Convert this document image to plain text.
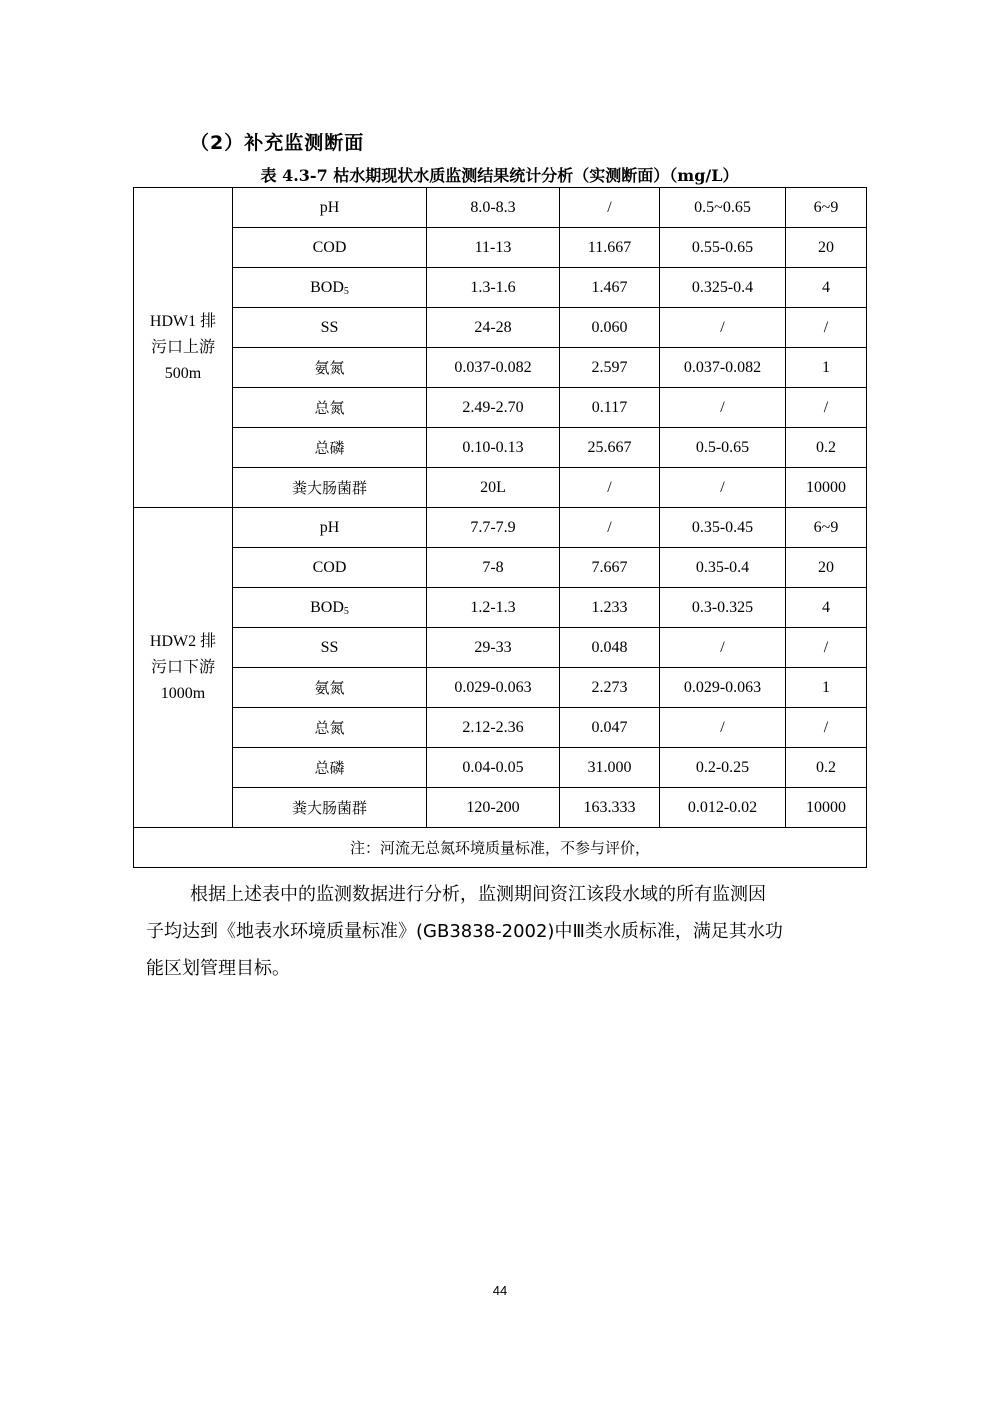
（2）补充监测断面
表 4.3-7 枯水期现状水质监测结果统计分析（实测断面）（mg/L）
HDW1 排
污口上游
500m	pH	8.0-8.3	/	0.5~0.65	6~9
	COD	11-13	11.667	0.55-0.65	20
	$BOD_5$	1.3-1.6	1.467	0.325-0.4	4
	SS	24-28	0.060	/	/
	氨氮	0.037-0.082	2.597	0.037-0.082	1
	总氮	2.49-2.70	0.117	/	/
	总磷	0.10-0.13	25.667	0.5-0.65	0.2
	粪大肠菌群	20L	/	/	10000

HDW2 排
污口下游
1000m	pH	7.7-7.9	/	0.35-0.45	6~9
	COD	7-8	7.667	0.35-0.4	20
	$BOD_5$	1.2-1.3	1.233	0.3-0.325	4
	SS	29-33	0.048	/	/
	氨氮	0.029-0.063	2.273	0.029-0.063	1
	总氮	2.12-2.36	0.047	/	/
	总磷	0.04-0.05	31.000	0.2-0.25	0.2
	粪大肠菌群	120-200	163.333	0.012-0.02	10000
注：河流无总氮环境质量标准，不参与评价，					
根据上述表中的监测数据进行分析，监测期间资江该段水域的所有监测因
子均达到《地表水环境质量标准》(GB3838-2002)中Ⅲ类水质标准，满足其水功
能区划管理目标。
44
